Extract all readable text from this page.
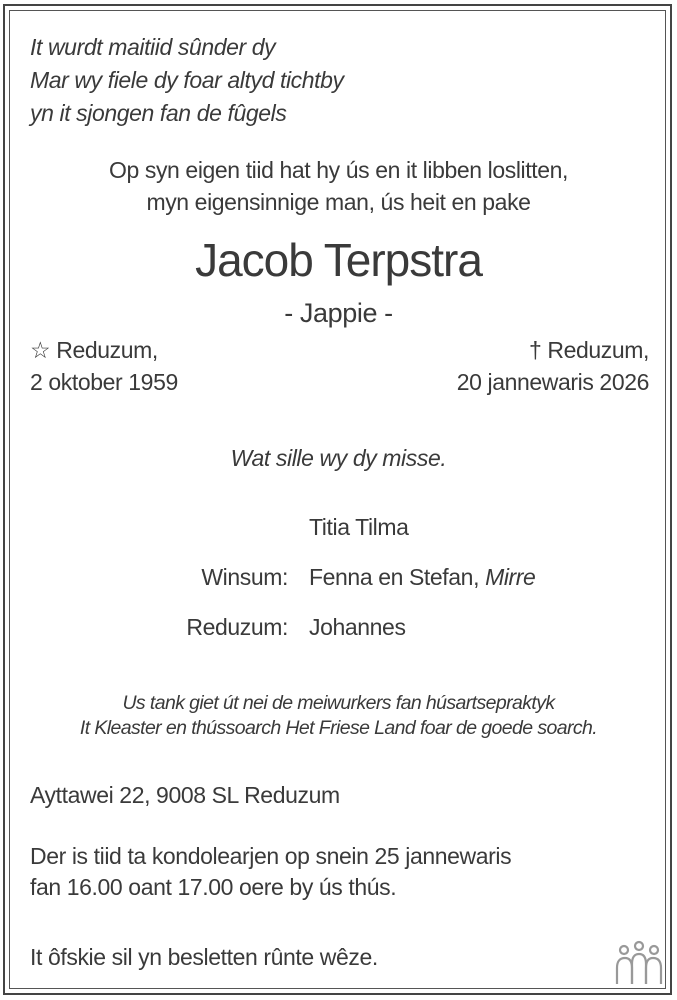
It wurdt maitiid sûnder dy
Mar wy fiele dy foar altyd tichtby
yn it sjongen fan de fûgels
Op syn eigen tiid hat hy ús en it libben loslitten,
myn eigensinnige man, ús heit en pake
Jacob Terpstra
- Jappie -
☆ Reduzum,
2 oktober 1959
† Reduzum,
20 jannewaris 2026
Wat sille wy dy misse.
Titia Tilma
Winsum: Fenna en Stefan, Mirre
Reduzum: Johannes
Us tank giet út nei de meiwurkers fan húsartsepraktyk
It Kleaster en thússoarch Het Friese Land foar de goede soarch.
Ayttawei 22, 9008 SL Reduzum
Der is tiid ta kondolearjen op snein 25 jannewaris
fan 16.00 oant 17.00 oere by ús thús.
It ôfskie sil yn besletten rûnte wêze.
